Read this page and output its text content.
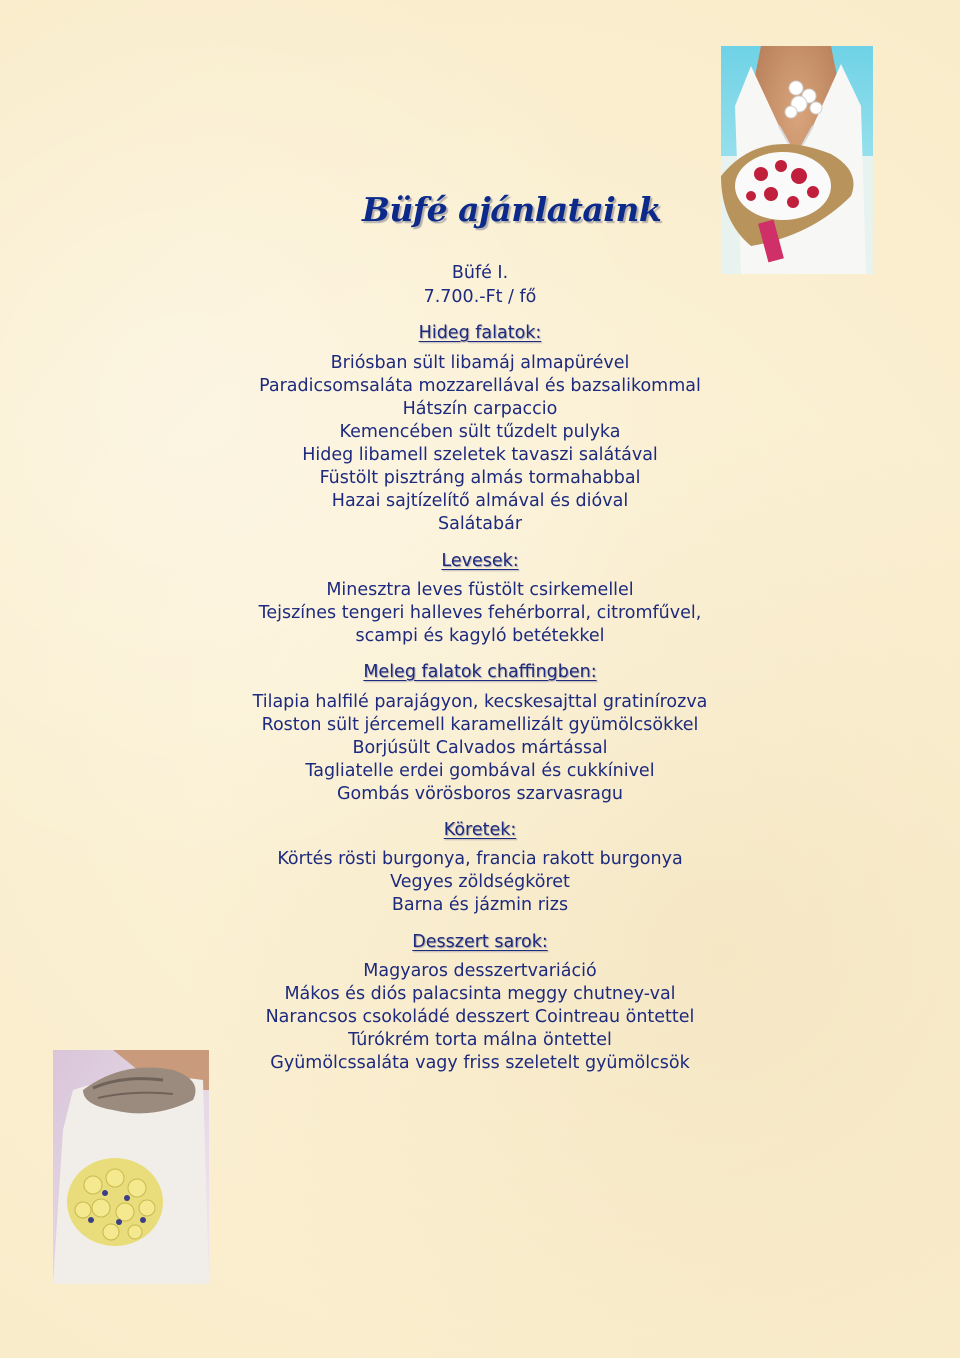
Büfé ajánlataink
Büfé I.
7.700.-Ft / fő
Hideg falatok:
Briósban sült libamáj almapürével
Paradicsomsaláta mozzarellával és bazsalikommal
Hátszín carpaccio
Kemencében sült tűzdelt pulyka
Hideg libamell szeletek tavaszi salátával
Füstölt pisztráng almás tormahabbal
Hazai sajtízelítő almával és dióval
Salátabár
Levesek:
Minesztra leves füstölt csirkemellel
Tejszínes tengeri halleves fehérborral, citromfűvel,
scampi és kagyló betétekkel
Meleg falatok chaffingben:
Tilapia halfilé parajágyon, kecskesajttal gratinírozva
Roston sült jércemell karamellizált gyümölcsökkel
Borjúsült Calvados mártással
Tagliatelle erdei gombával és cukkínivel
Gombás vörösboros szarvasragu
Köretek:
Körtés rösti burgonya, francia rakott burgonya
Vegyes zöldségköret
Barna és jázmin rizs
Desszert sarok:
Magyaros desszertvariáció
Mákos és diós palacsinta meggy chutney-val
Narancsos csokoládé desszert Cointreau öntettel
Túrókrém torta málna öntettel
Gyümölcssaláta vagy friss szeletelt gyümölcsök
